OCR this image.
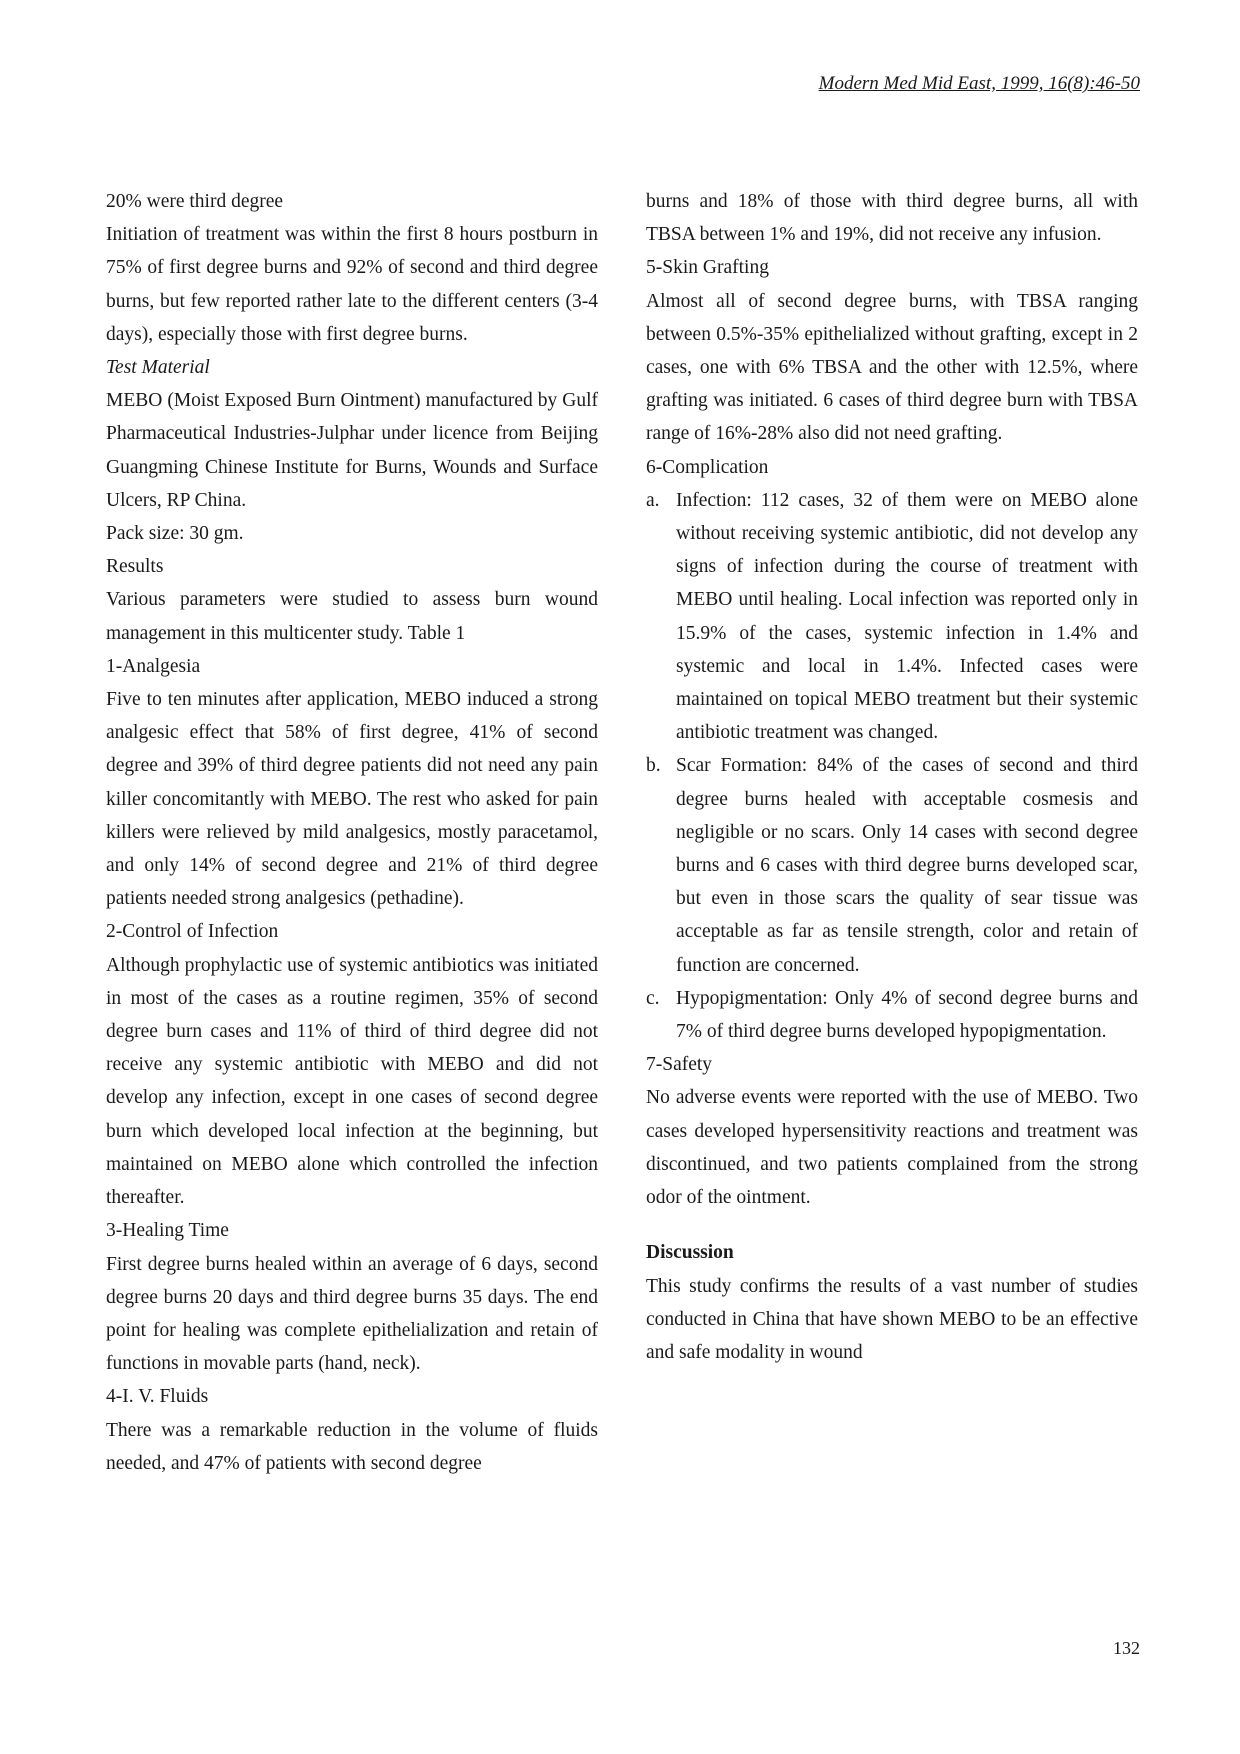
Modern Med Mid East, 1999, 16(8):46-50

20% were third degree

Initiation of treatment was within the first 8 hours postburn in 75% of first degree burns and 92% of second and third degree burns, but few reported rather late to the different centers (3-4 days), especially those with first degree burns.

Test Material

MEBO (Moist Exposed Burn Ointment) manufactured by Gulf Pharmaceutical Industries-Julphar under licence from Beijing Guangming Chinese Institute for Burns, Wounds and Surface Ulcers, RP China.

Pack size: 30 gm.

Results

Various parameters were studied to assess burn wound management in this multicenter study. Table 1

1-Analgesia

Five to ten minutes after application, MEBO induced a strong analgesic effect that 58% of first degree, 41% of second degree and 39% of third degree patients did not need any pain killer concomitantly with MEBO. The rest who asked for pain killers were relieved by mild analgesics, mostly paracetamol, and only 14% of second degree and 21% of third degree patients needed strong analgesics (pethadine).

2-Control of Infection

Although prophylactic use of systemic antibiotics was initiated in most of the cases as a routine regimen, 35% of second degree burn cases and 11% of third of third degree did not receive any systemic antibiotic with MEBO and did not develop any infection, except in one cases of second degree burn which developed local infection at the beginning, but maintained on MEBO alone which controlled the infection thereafter.

3-Healing Time

First degree burns healed within an average of 6 days, second degree burns 20 days and third degree burns 35 days. The end point for healing was complete epithelialization and retain of functions in movable parts (hand, neck).

4-I. V. Fluids

There was a remarkable reduction in the volume of fluids needed, and 47% of patients with second degree

burns and 18% of those with third degree burns, all with TBSA between 1% and 19%, did not receive any infusion.

5-Skin Grafting

Almost all of second degree burns, with TBSA ranging between 0.5%-35% epithelialized without grafting, except in 2 cases, one with 6% TBSA and the other with 12.5%, where grafting was initiated. 6 cases of third degree burn with TBSA range of 16%-28% also did not need grafting.

6-Complication

a. Infection: 112 cases, 32 of them were on MEBO alone without receiving systemic antibiotic, did not develop any signs of infection during the course of treatment with MEBO until healing. Local infection was reported only in 15.9% of the cases, systemic infection in 1.4% and systemic and local in 1.4%. Infected cases were maintained on topical MEBO treatment but their systemic antibiotic treatment was changed.
b. Scar Formation: 84% of the cases of second and third degree burns healed with acceptable cosmesis and negligible or no scars. Only 14 cases with second degree burns and 6 cases with third degree burns developed scar, but even in those scars the quality of sear tissue was acceptable as far as tensile strength, color and retain of function are concerned.
c. Hypopigmentation: Only 4% of second degree burns and 7% of third degree burns developed hypopigmentation.

7-Safety

No adverse events were reported with the use of MEBO. Two cases developed hypersensitivity reactions and treatment was discontinued, and two patients complained from the strong odor of the ointment.

Discussion

This study confirms the results of a vast number of studies conducted in China that have shown MEBO to be an effective and safe modality in wound

132
